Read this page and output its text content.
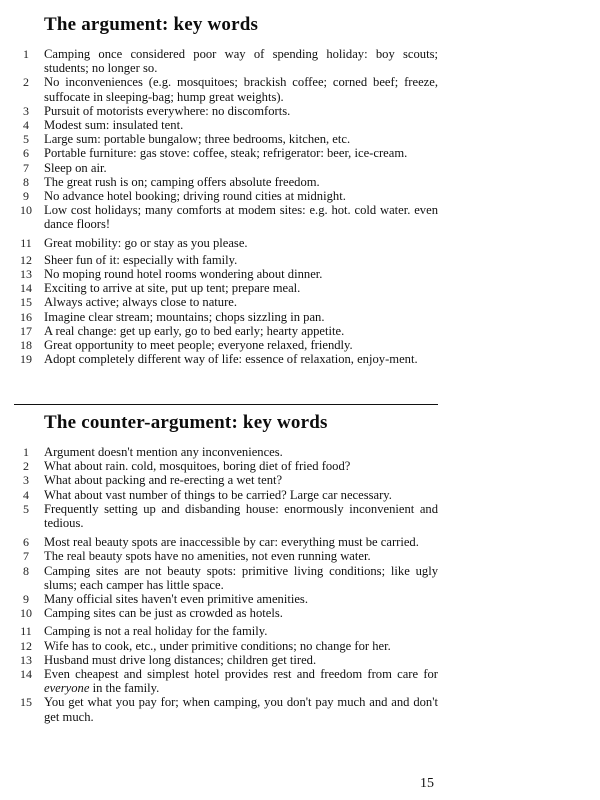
The argument: key words
1	Camping once considered poor way of spending holiday: boy scouts; students; no longer so.
2	No inconveniences (e.g. mosquitoes; brackish coffee; corned beef; freeze, suffocate in sleeping-bag; hump great weights).
3	Pursuit of motorists everywhere: no discomforts.
4	Modest sum: insulated tent.
5	Large sum: portable bungalow; three bedrooms, kitchen, etc.
6	Portable furniture: gas stove: coffee, steak; refrigerator: beer, ice-cream.
7	Sleep on air.
8	The great rush is on; camping offers absolute freedom.
9	No advance hotel booking; driving round cities at midnight.
10 Low cost holidays; many comforts at modem sites: e.g. hot. cold water. even dance floors!
11 Great mobility: go or stay as you please.
12 Sheer fun of it: especially with family.
13 No moping round hotel rooms wondering about dinner.
14 Exciting to arrive at site, put up tent; prepare meal.
15 Always active; always close to nature.
16 Imagine clear stream; mountains; chops sizzling in pan.
17 A real change: get up early, go to bed early; hearty appetite.
18 Great opportunity to meet people; everyone relaxed, friendly.
19 Adopt completely different way of life: essence of relaxation, enjoy-ment.
The counter-argument: key words
1	Argument doesn't mention any inconveniences.
2	What about rain. cold, mosquitoes, boring diet of fried food?
3	What about packing and re-erecting a wet tent?
4	What about vast number of things to be carried? Large car necessary.
5	Frequently setting up and disbanding house: enormously inconvenient and tedious.
6	Most real beauty spots are inaccessible by car: everything must be carried.
7	The real beauty spots have no amenities, not even running water.
8	Camping sites are not beauty spots: primitive living conditions; like ugly slums; each camper has little space.
9	Many official sites haven't even primitive amenities.
10 Camping sites can be just as crowded as hotels.
11 Camping is not a real holiday for the family.
12 Wife has to cook, etc., under primitive conditions; no change for her.
13 Husband must drive long distances; children get tired.
14 Even cheapest and simplest hotel provides rest and freedom from care for everyone in the family.
15 You get what you pay for; when camping, you don't pay much and and don't get much.
15
